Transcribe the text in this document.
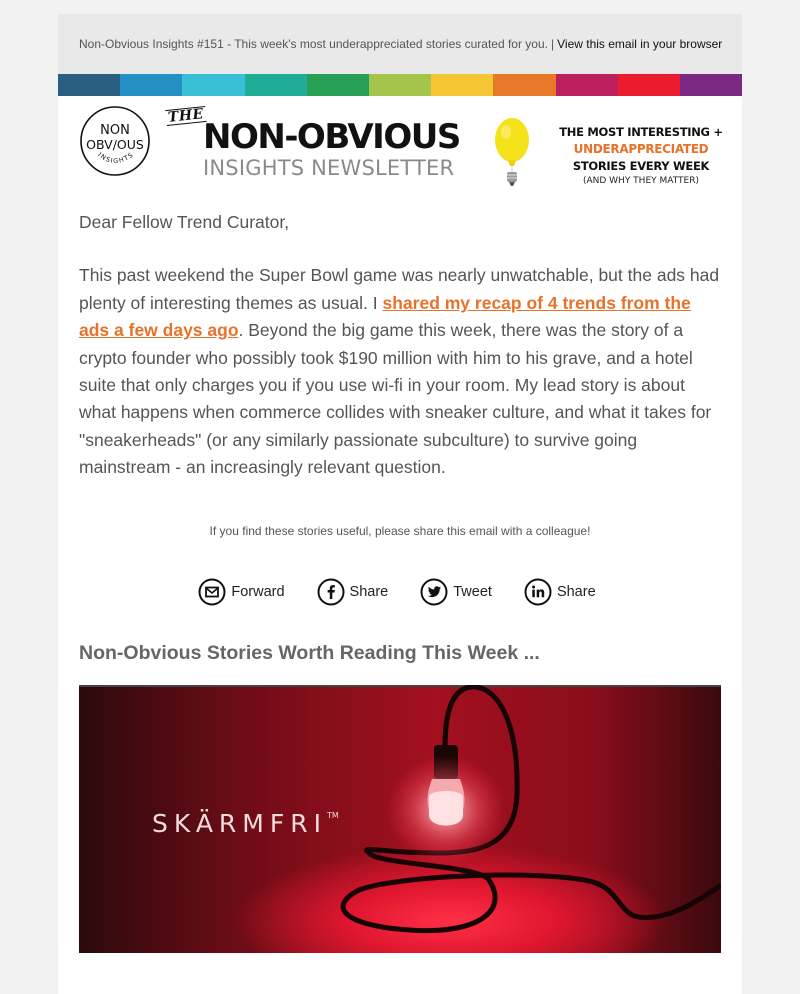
Non-Obvious Insights #151 - This week's most underappreciated stories curated for you. | View this email in your browser
NON
OBV/OUS
INSIGHTS
THE
NON-OBVIOUS
INSIGHTS NEWSLETTER
THE MOST INTERESTING +
UNDERAPPRECIATED
STORIES EVERY WEEK
(AND WHY THEY MATTER)

Dear Fellow Trend Curator,

This past weekend the Super Bowl game was nearly unwatchable, but the ads had plenty of interesting themes as usual. I shared my recap of 4 trends from the ads a few days ago. Beyond the big game this week, there was the story of a crypto founder who possibly took $190 million with him to his grave, and a hotel suite that only charges you if you use wi-fi in your room. My lead story is about what happens when commerce collides with sneaker culture, and what it takes for "sneakerheads" (or any similarly passionate subculture) to survive going mainstream - an increasingly relevant question.

If you find these stories useful, please share this email with a colleague!

Forward	Share	Tweet	Share
Non-Obvious Stories Worth Reading This Week ...
SKÄRMFRI™
